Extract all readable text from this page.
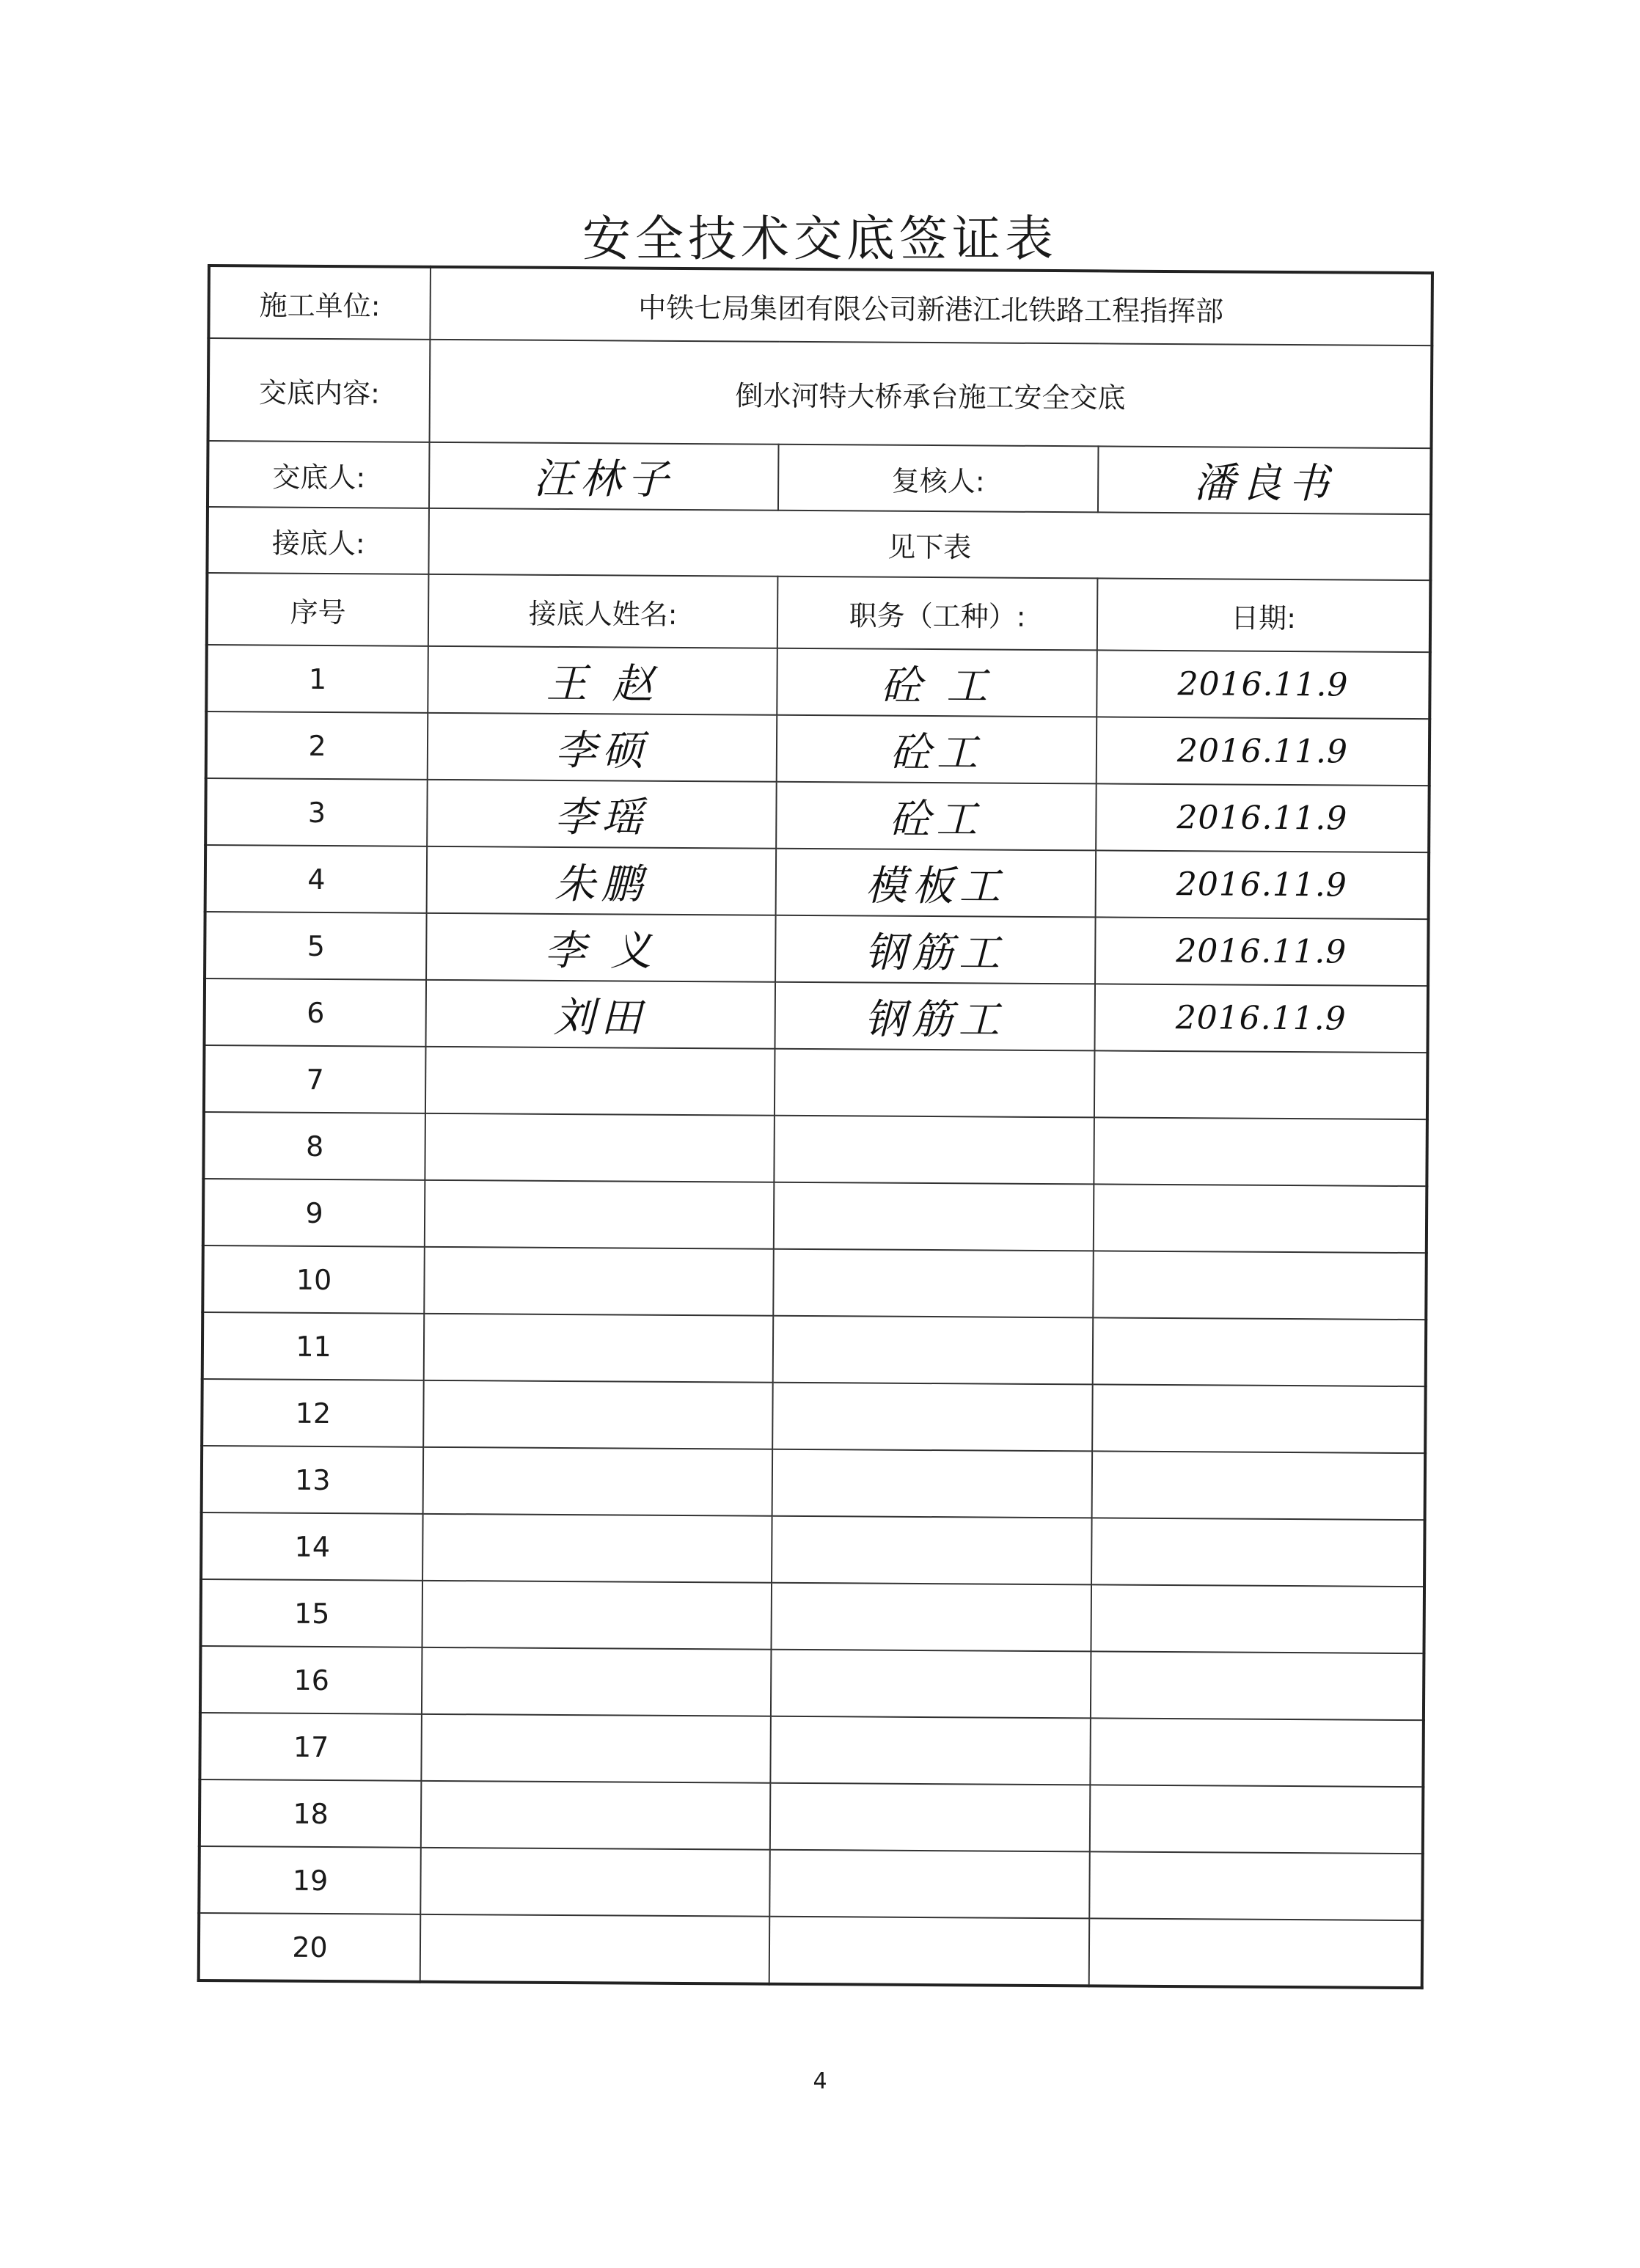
安全技术交底签证表
施工单位:	中铁七局集团有限公司新港江北铁路工程指挥部		
交底内容:	倒水河特大桥承台施工安全交底		
交底人:	汪林子	复核人:	潘良书
接底人:	见下表		
序号	接底人姓名:	职务（工种）:	日期:
1	王 赵	砼 工	2016.11.9
2	李硕	砼工	2016.11.9
3	李瑶	砼工	2016.11.9
4	朱鹏	模板工	2016.11.9
5	李 义	钢筋工	2016.11.9
6	刘田	钢筋工	2016.11.9
7			
8			
9			
10			
11			
12			
13			
14			
15			
16			
17			
18			
19			
20			
4
